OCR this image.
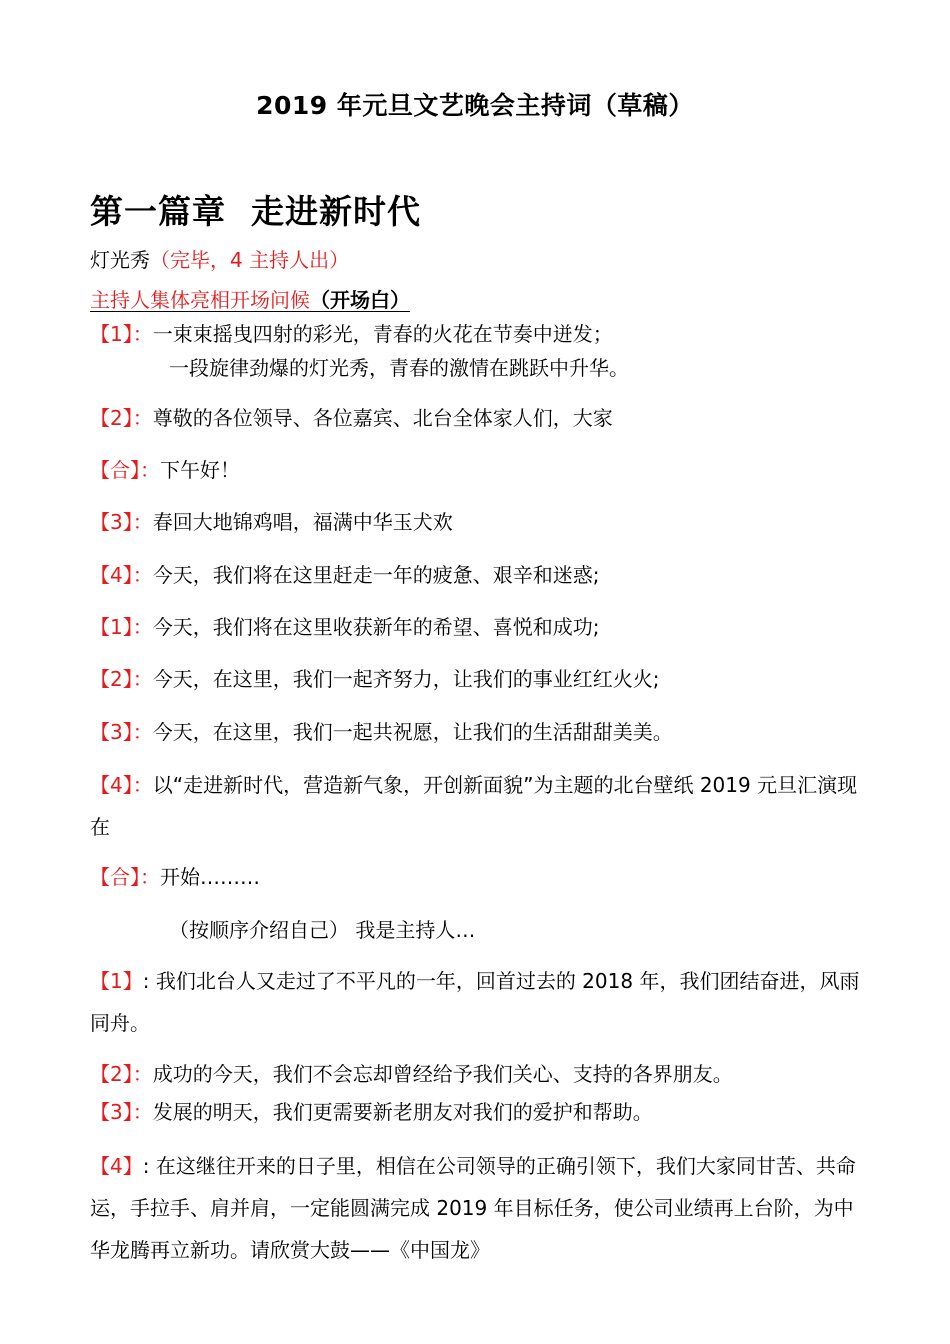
2019 年元旦文艺晚会主持词（草稿）
第一篇章  走进新时代
灯光秀（完毕，4 主持人出）
主持人集体亮相开场问候（开场白）
【1】：一束束摇曳四射的彩光，青春的火花在节奏中迸发；
一段旋律劲爆的灯光秀，青春的激情在跳跃中升华。
【2】：尊敬的各位领导、各位嘉宾、北台全体家人们，大家
【合】：下午好！
【3】：春回大地锦鸡唱，福满中华玉犬欢
【4】：今天，我们将在这里赶走一年的疲惫、艰辛和迷惑;
【1】：今天，我们将在这里收获新年的希望、喜悦和成功;
【2】：今天，在这里，我们一起齐努力，让我们的事业红红火火;
【3】：今天，在这里，我们一起共祝愿，让我们的生活甜甜美美。
【4】：以“走进新时代，营造新气象，开创新面貌”为主题的北台壁纸 2019 元旦汇演现在
【合】：开始………
（按顺序介绍自己） 我是主持人…
【1】: 我们北台人又走过了不平凡的一年，回首过去的 2018 年，我们团结奋进，风雨同舟。
【2】：成功的今天，我们不会忘却曾经给予我们关心、支持的各界朋友。
【3】：发展的明天，我们更需要新老朋友对我们的爱护和帮助。
【4】: 在这继往开来的日子里，相信在公司领导的正确引领下，我们大家同甘苦、共命运，手拉手、肩并肩，一定能圆满完成 2019 年目标任务，使公司业绩再上台阶，为中华龙腾再立新功。请欣赏大鼓——《中国龙》
